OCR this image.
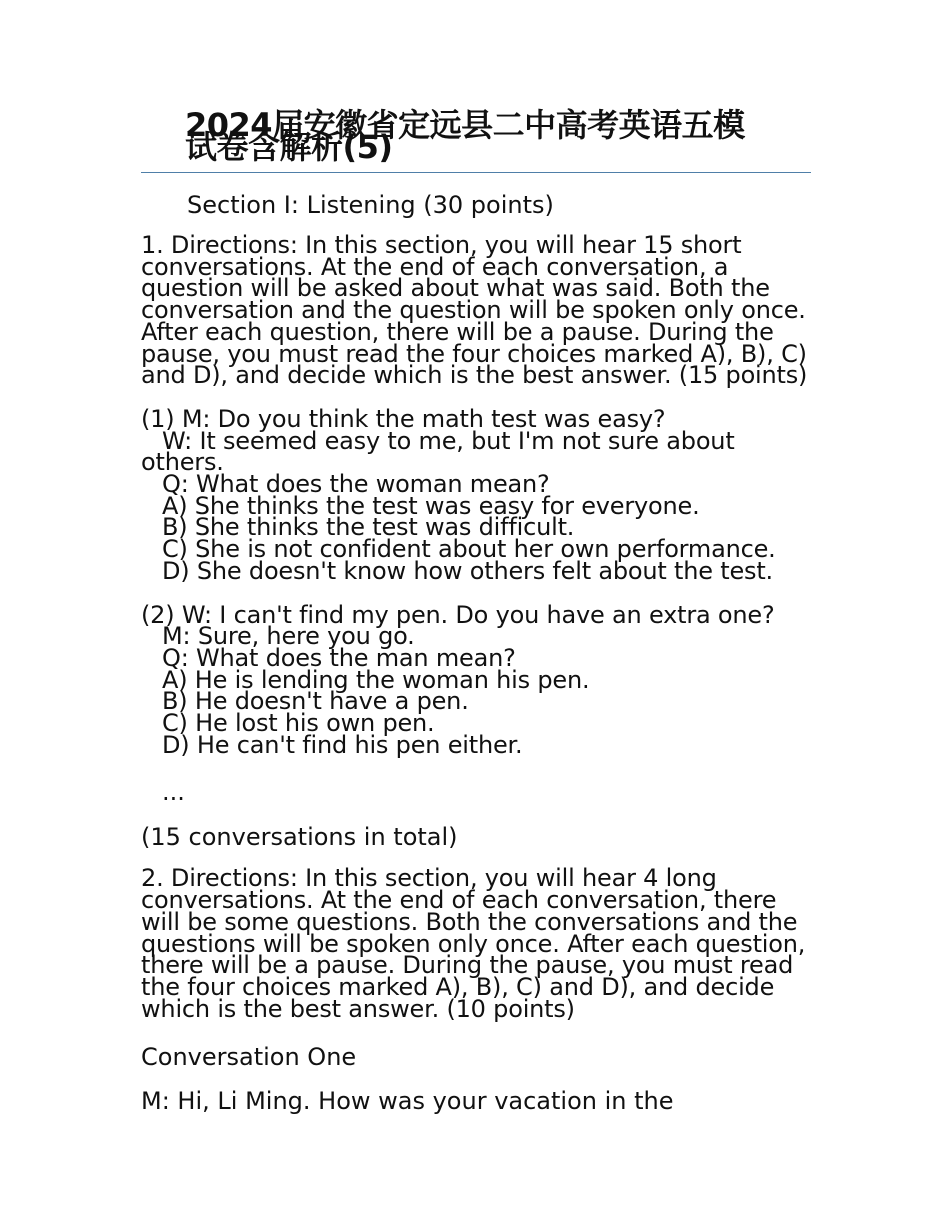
2024届安徽省定远县二中高考英语五模
试卷含解析(5)
Section I: Listening (30 points)

1. Directions: In this section, you will hear 15 short conversations. At the end of each conversation, a question will be asked about what was said. Both the conversation and the question will be spoken only once. After each question, there will be a pause. During the pause, you must read the four choices marked A), B), C) and D), and decide which is the best answer. (15 points)

(1) M: Do you think the math test was easy?
W: It seemed easy to me, but I'm not sure about
others.
Q: What does the woman mean?
A) She thinks the test was easy for everyone.
B) She thinks the test was difficult.
C) She is not confident about her own performance.
D) She doesn't know how others felt about the test.
(2) W: I can't find my pen. Do you have an extra one?
M: Sure, here you go.
Q: What does the man mean?
A) He is lending the woman his pen.
B) He doesn't have a pen.
C) He lost his own pen.
D) He can't find his pen either.
...
(15 conversations in total)

2. Directions: In this section, you will hear 4 long conversations. At the end of each conversation, there will be some questions. Both the conversations and the questions will be spoken only once. After each question, there will be a pause. During the pause, you must read the four choices marked A), B), C) and D), and decide which is the best answer. (10 points)

Conversation One
M: Hi, Li Ming. How was your vacation in the
